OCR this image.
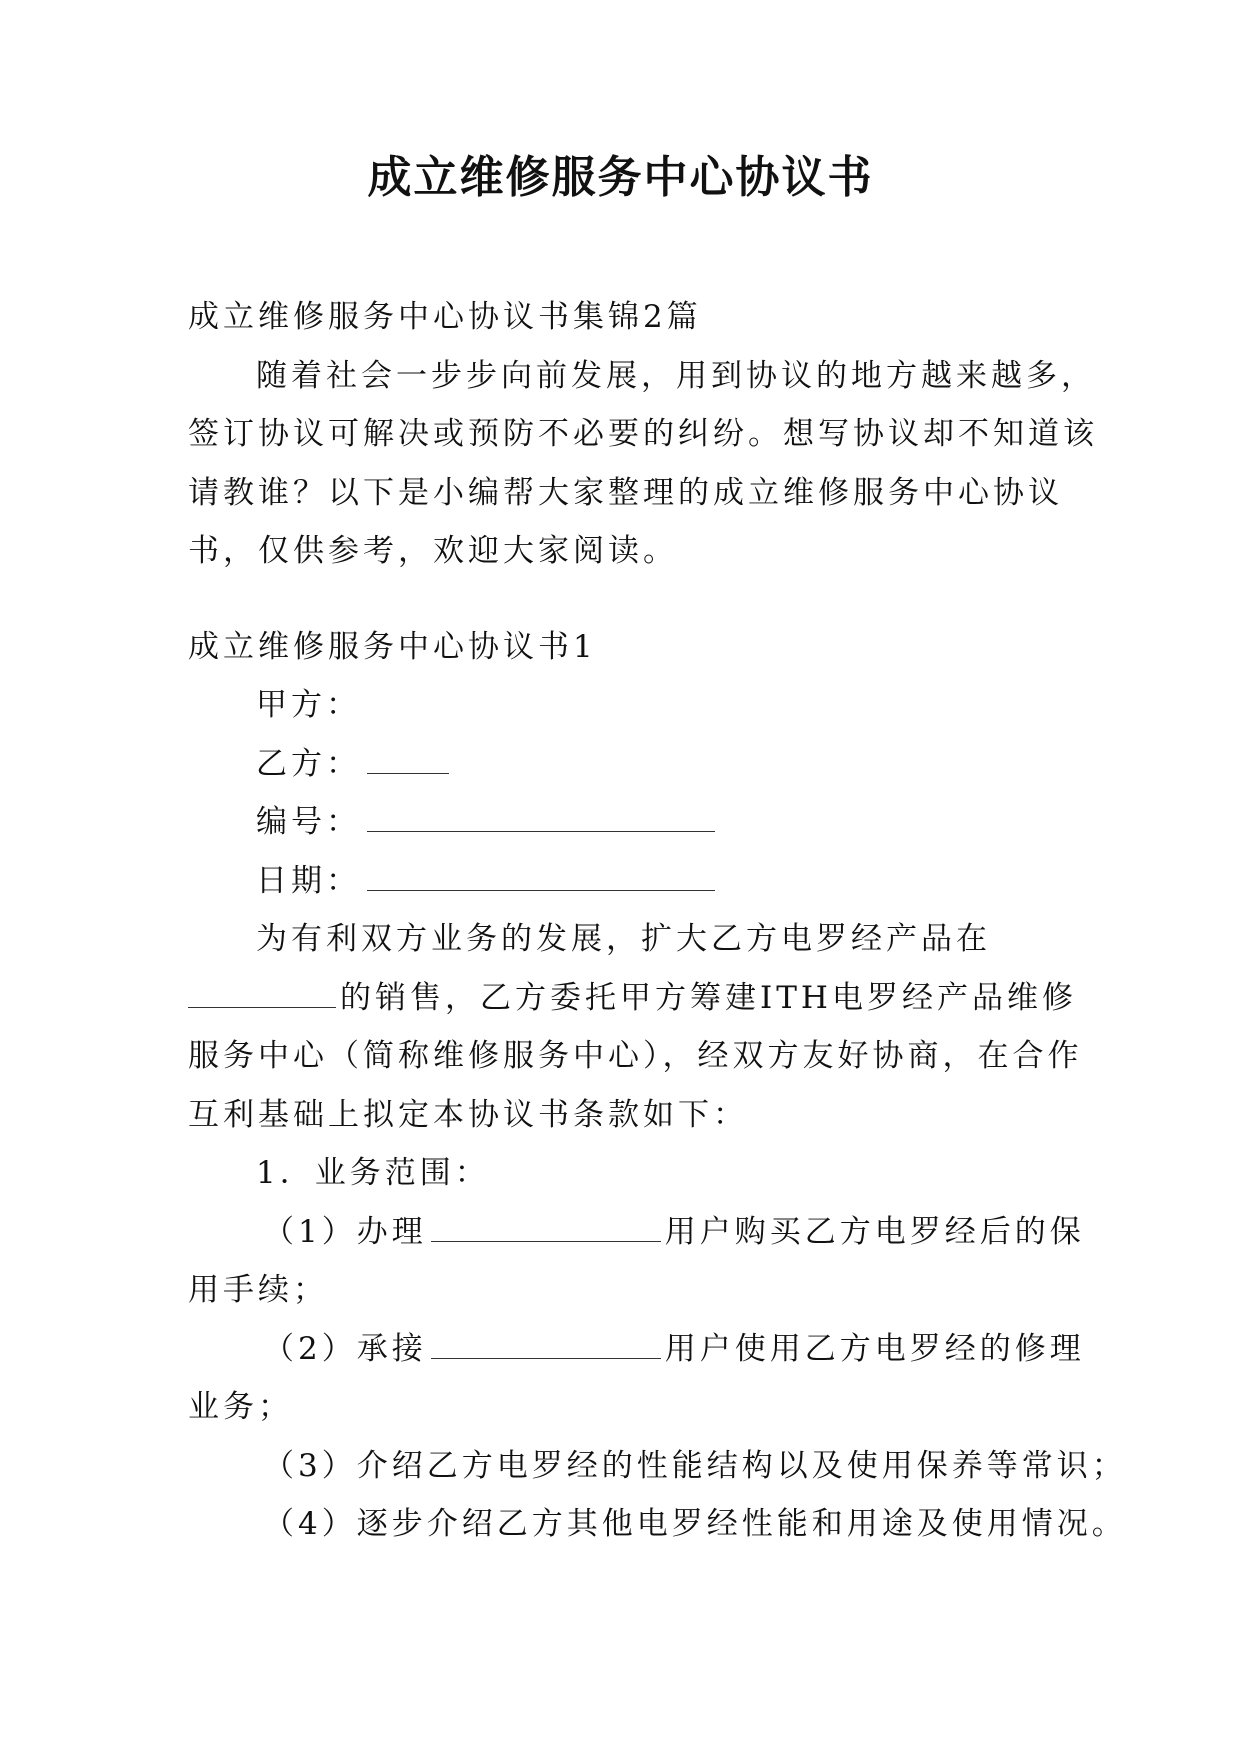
成立维修服务中心协议书
成立维修服务中心协议书集锦2篇
随着社会一步步向前发展，用到协议的地方越来越多，
签订协议可解决或预防不必要的纠纷。想写协议却不知道该
请教谁？以下是小编帮大家整理的成立维修服务中心协议
书，仅供参考，欢迎大家阅读。
成立维修服务中心协议书1
甲方：
乙方：
编号：
日期：
为有利双方业务的发展，扩大乙方电罗经产品在
的销售，乙方委托甲方筹建ITH电罗经产品维修
服务中心（简称维修服务中心），经双方友好协商，在合作
互利基础上拟定本协议书条款如下：
1．业务范围：
（1）办理	用户购买乙方电罗经后的保
用手续；
（2）承接	用户使用乙方电罗经的修理
业务；
（3）介绍乙方电罗经的性能结构以及使用保养等常识；
（4）逐步介绍乙方其他电罗经性能和用途及使用情况。
